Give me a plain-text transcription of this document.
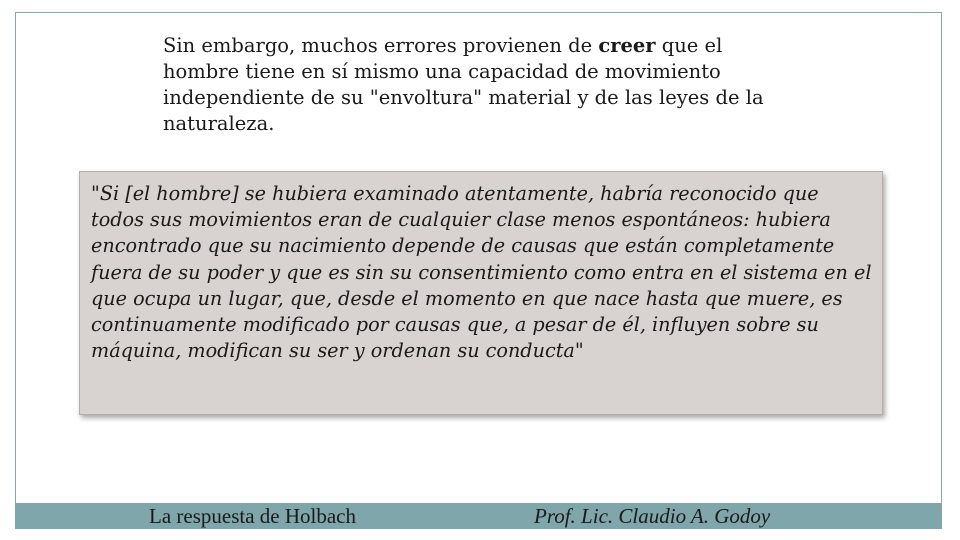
Sin embargo, muchos errores provienen de creer que el hombre tiene en sí mismo una capacidad de movimiento independiente de su "envoltura" material y de las leyes de la naturaleza.

"Si [el hombre] se hubiera examinado atentamente, habría reconocido que todos sus movimientos eran de cualquier clase menos espontáneos: hubiera encontrado que su nacimiento depende de causas que están completamente fuera de su poder y que es sin su consentimiento como entra en el sistema en el que ocupa un lugar, que, desde el momento en que nace hasta que muere, es continuamente modificado por causas que, a pesar de él, influyen sobre su máquina, modifican su ser y ordenan su conducta"

La respuesta de Holbach	Prof. Lic. Claudio A. Godoy
